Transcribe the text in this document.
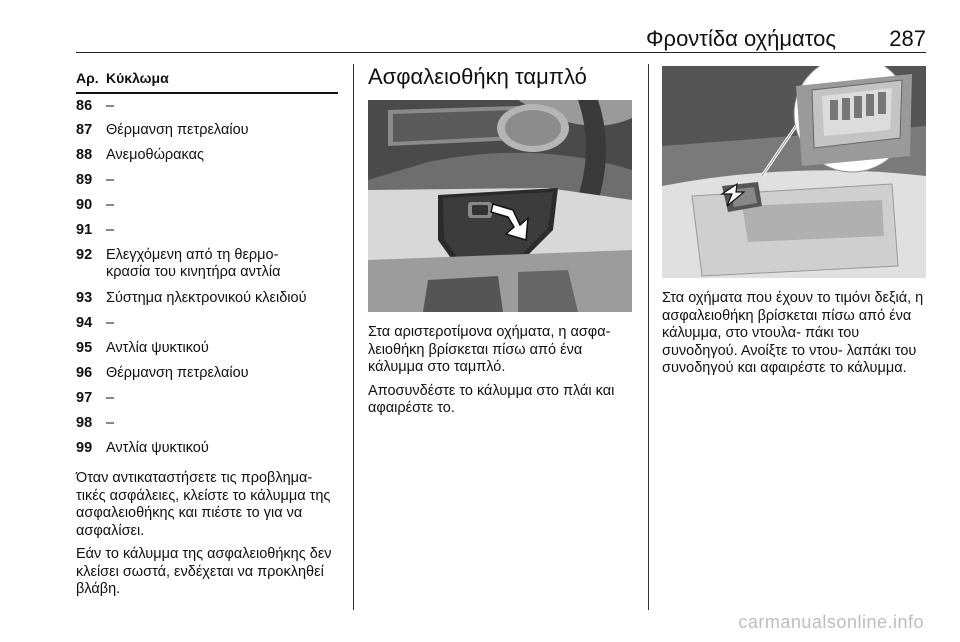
Φροντίδα οχήματος 287
Αρ. Κύκλωμα
86 –
87 Θέρμανση πετρελαίου
88 Ανεμοθώρακας
89 –
90 –
91 –
92 Ελεγχόμενη από τη θερμο‐ κρασία του κινητήρα αντλία
93 Σύστημα ηλεκτρονικού κλειδιού
94 –
95 Αντλία ψυκτικού
96 Θέρμανση πετρελαίου
97 –
98 –
99 Αντλία ψυκτικού

Όταν αντικαταστήσετε τις προβλημα‐ τικές ασφάλειες, κλείστε το κάλυμμα της ασφαλειοθήκης και πιέστε το για να ασφαλίσει.

Εάν το κάλυμμα της ασφαλειοθήκης δεν κλείσει σωστά, ενδέχεται να προκληθεί βλάβη.

Ασφαλειοθήκη ταμπλό

Στα αριστεροτίμονα οχήματα, η ασφα‐ λειοθήκη βρίσκεται πίσω από ένα κάλυμμα στο ταμπλό.

Αποσυνδέστε το κάλυμμα στο πλάι και αφαιρέστε το.

Στα οχήματα που έχουν το τιμόνι δεξιά, η ασφαλειοθήκη βρίσκεται πίσω από ένα κάλυμμα, στο ντουλα‐ πάκι του συνοδηγού. Ανοίξτε το ντου‐ λαπάκι του συνοδηγού και αφαιρέστε το κάλυμμα.

carmanualsonline.info
